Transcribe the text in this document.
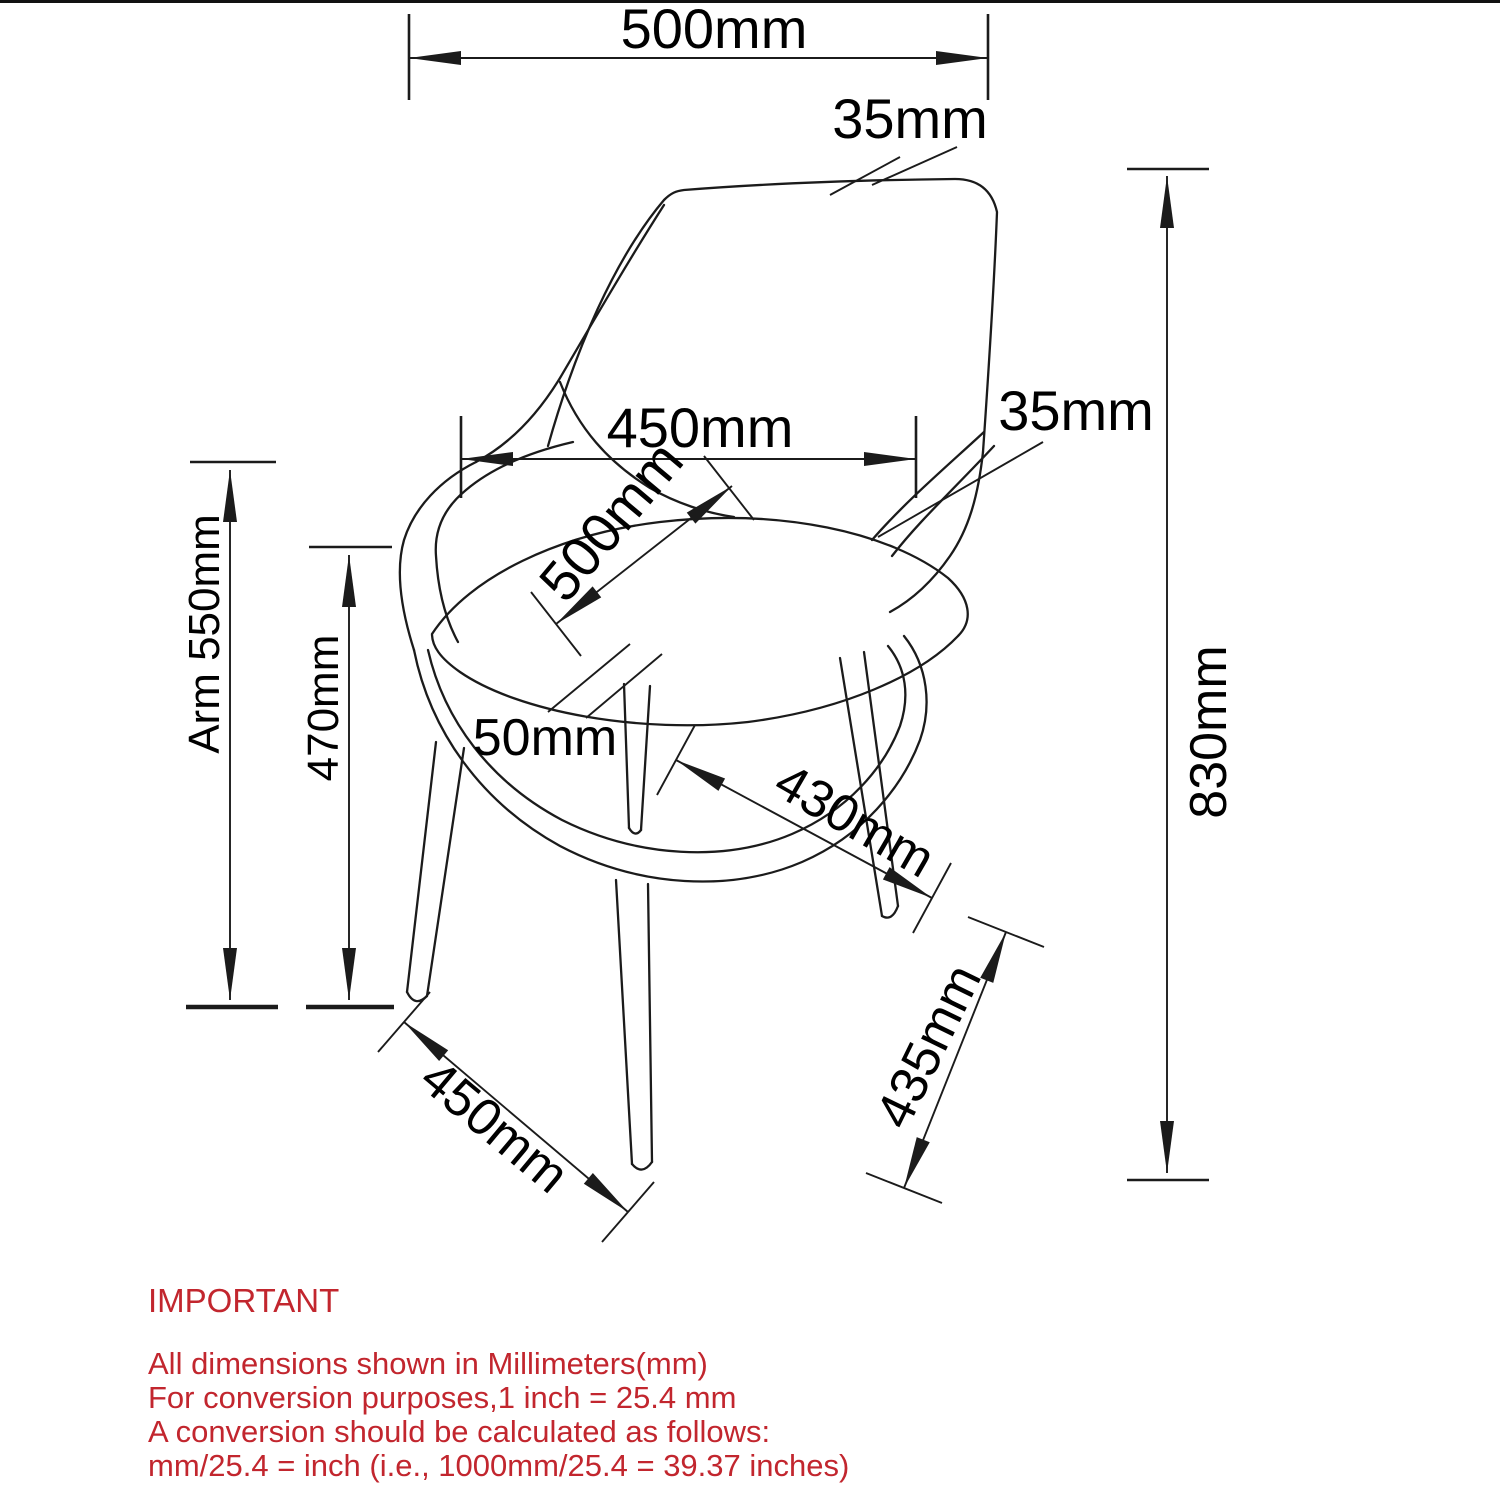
500mm
35mm
450mm
500mm
35mm
Arm 550mm 470mm 50mm
430mm
435mm
450mm
830mm
IMPORTANT
All dimensions shown in Millimeters(mm)
For conversion purposes,1 inch = 25.4 mm
A conversion should be calculated as follows:
mm/25.4 = inch (i.e., 1000mm/25.4 = 39.37 inches)
